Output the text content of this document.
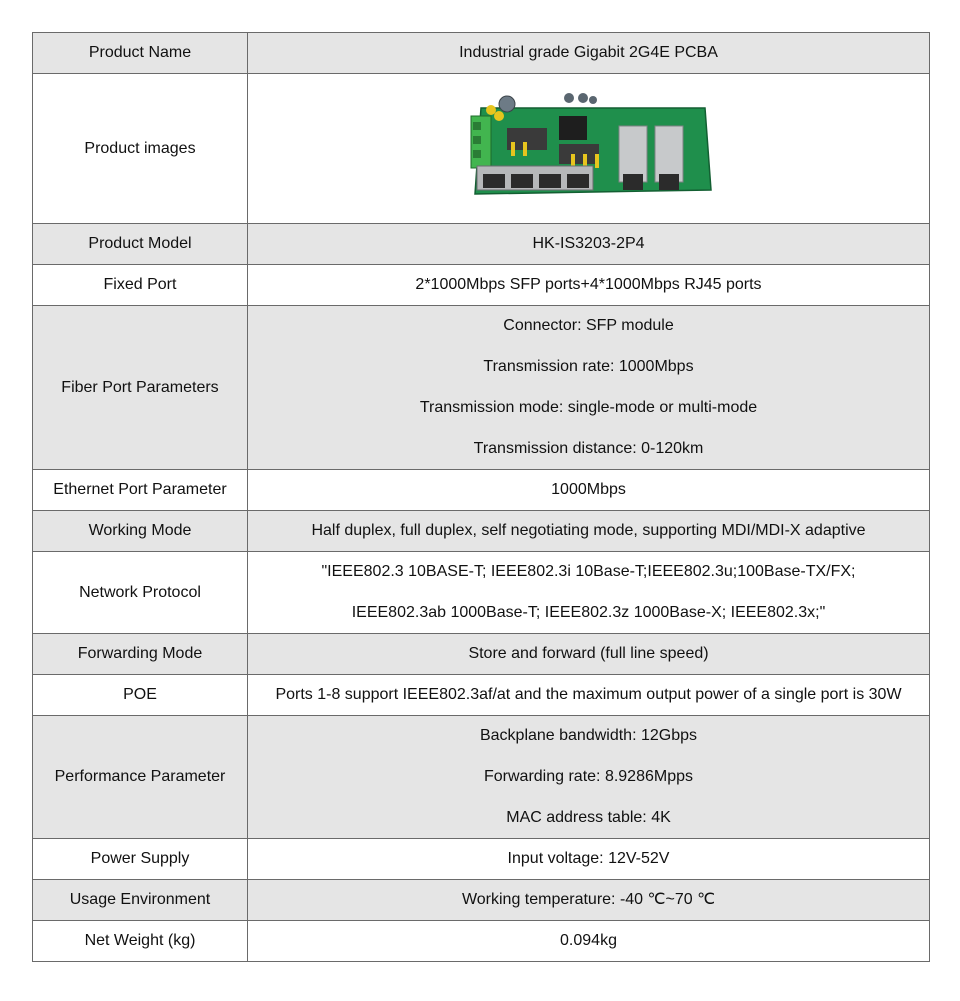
Product Name	Industrial grade Gigabit 2G4E PCBA

Product images	

Product Model	HK-IS3203-2P4

Fixed Port	2*1000Mbps SFP ports+4*1000Mbps RJ45 ports

Fiber Port Parameters	Connector: SFP module
Transmission rate: 1000Mbps
Transmission mode: single-mode or multi-mode
Transmission distance: 0-120km

Ethernet Port Parameter	1000Mbps

Working Mode	Half duplex, full duplex, self negotiating mode, supporting MDI/MDI-X adaptive

Network Protocol	"IEEE802.3 10BASE-T; IEEE802.3i 10Base-T;IEEE802.3u;100Base-TX/FX;
IEEE802.3ab 1000Base-T; IEEE802.3z 1000Base-X; IEEE802.3x;"

Forwarding Mode	Store and forward (full line speed)

POE	Ports 1-8 support IEEE802.3af/at and the maximum output power of a single port is 30W

Performance Parameter	Backplane bandwidth: 12Gbps
Forwarding rate: 8.9286Mpps
MAC address table: 4K

Power Supply	Input voltage: 12V-52V

Usage Environment	Working temperature: -40 ℃~70 ℃

Net Weight (kg)	0.094kg
